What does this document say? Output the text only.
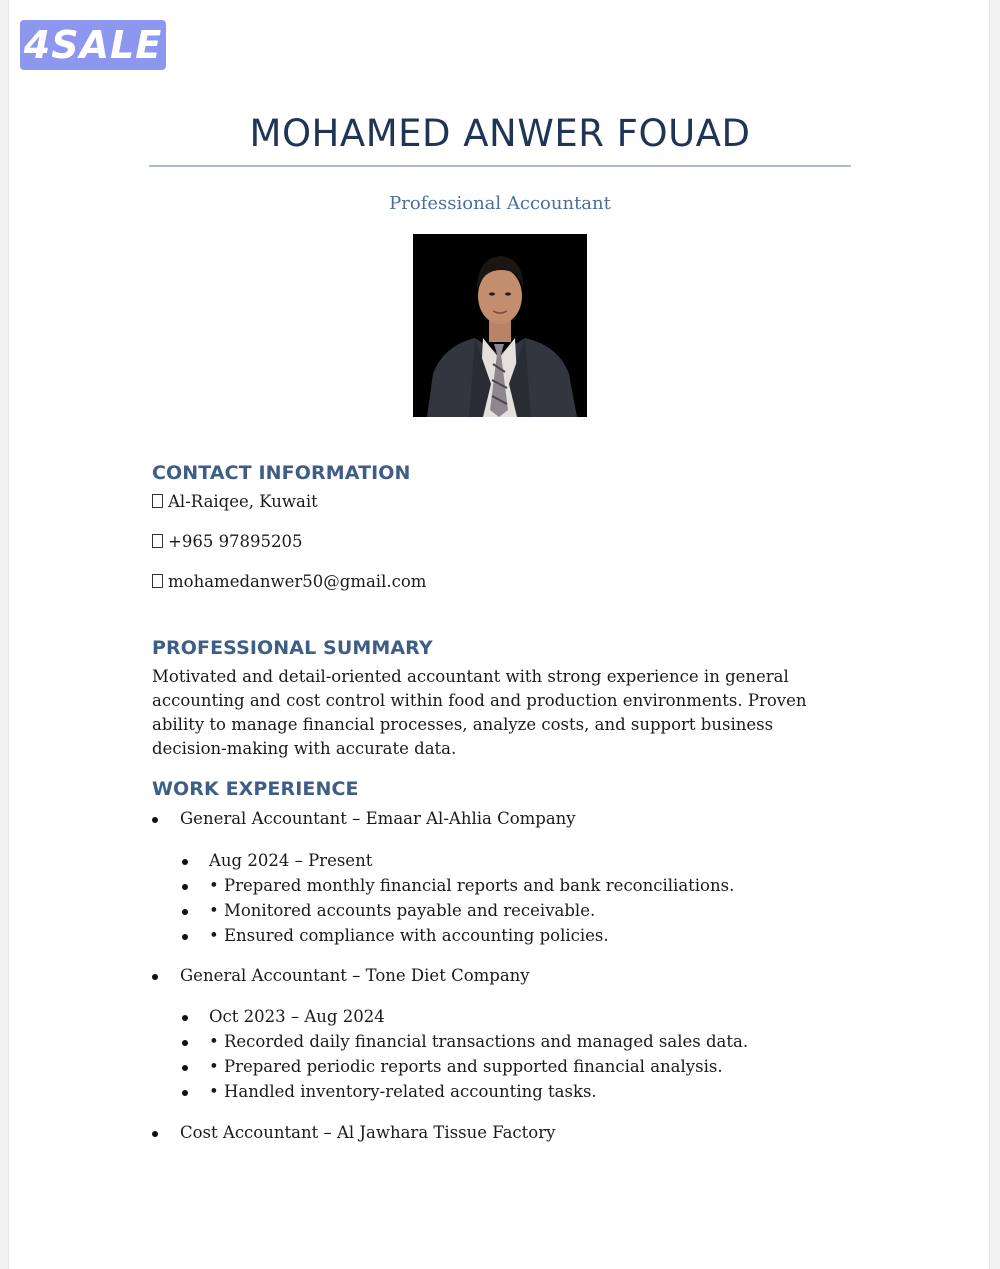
4SALE
MOHAMED ANWER FOUAD
Professional Accountant
CONTACT INFORMATION
Al-Raiqee, Kuwait
+965 97895205
mohamedanwer50@gmail.com
PROFESSIONAL SUMMARY

Motivated and detail-oriented accountant with strong experience in general accounting and cost control within food and production environments. Proven ability to manage financial processes, analyze costs, and support business decision-making with accurate data.

WORK EXPERIENCE
General Accountant – Emaar Al-Ahlia Company
Aug 2024 – Present
• Prepared monthly financial reports and bank reconciliations.
• Monitored accounts payable and receivable.
• Ensured compliance with accounting policies.
General Accountant – Tone Diet Company
Oct 2023 – Aug 2024
• Recorded daily financial transactions and managed sales data.
• Prepared periodic reports and supported financial analysis.
• Handled inventory-related accounting tasks.
Cost Accountant – Al Jawhara Tissue Factory
